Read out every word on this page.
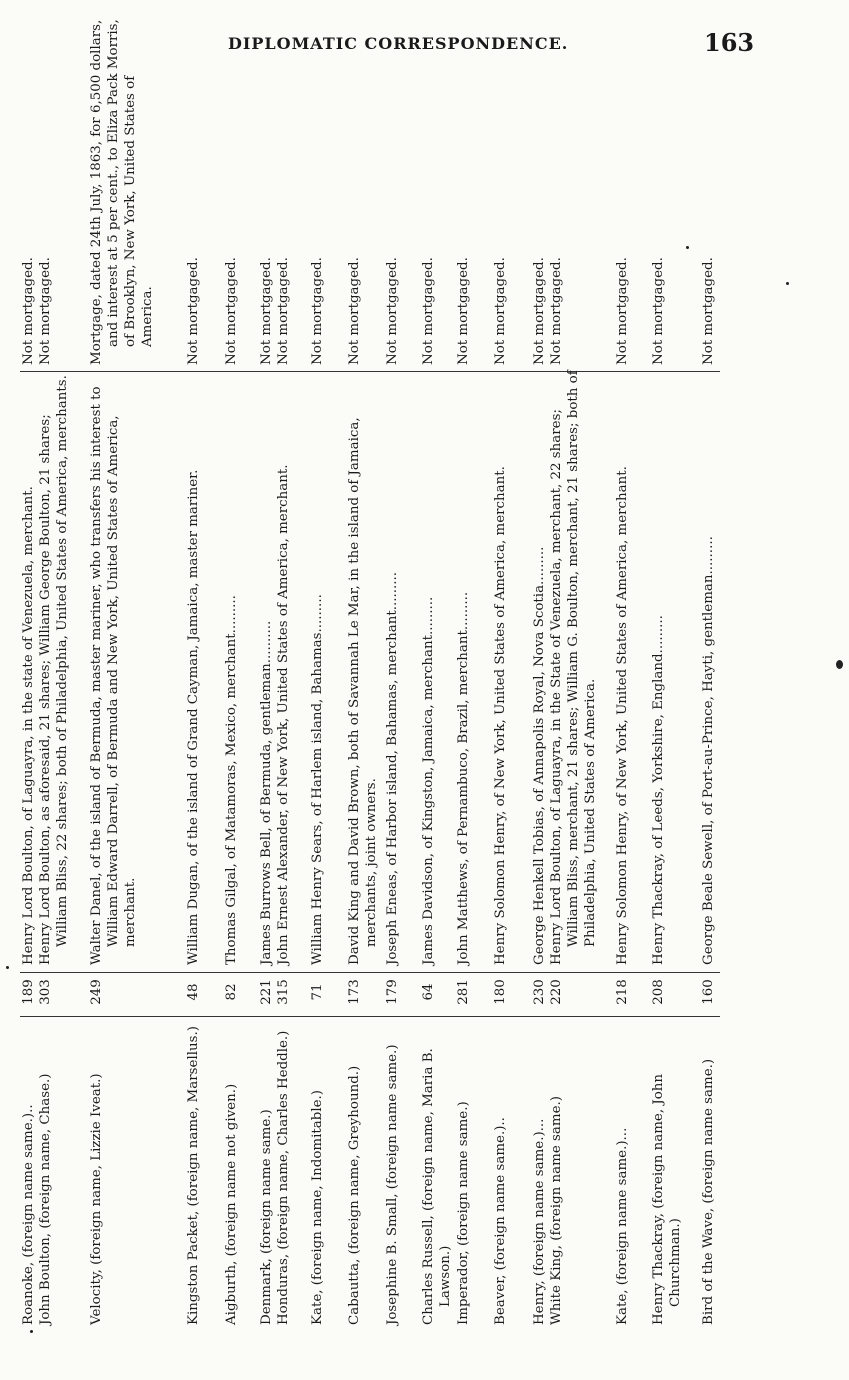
DIPLOMATIC CORRESPONDENCE.	163
Roanoke, (foreign name same.)..
189
Henry Lord Boulton, of Laguayra, in the state of Venezuela, merchant.
Not mortgaged.
John Boulton, (foreign name, Chase.)
303
Henry Lord Boulton, as aforesaid, 21 shares; William George Boulton, 21 shares; William Bliss, 22 shares; both of Philadelphia, United States of America, merchants.
Not mortgaged.
Velocity, (foreign name, Lizzie Iveat.)
249
Walter Danel, of the island of Bermuda, master mariner, who transfers his interest to William Edward Darrell, of Bermuda and New York, United States of America, merchant.
Mortgage, dated 24th July, 1863, for 6,500 dollars, and interest at 5 per cent., to Eliza Pack Morris, of Brooklyn, New York, United States of America.
Kingston Packet, (foreign name, Marsellus.)
48
William Dugan, of the island of Grand Cayman, Jamaica, master mariner.
Not mortgaged.
Aigburth, (foreign name not given.)
82
Thomas Gilgal, of Matamoras, Mexico, merchant.........
Not mortgaged.
Denmark, (foreign name same.)
221
James Burrows Bell, of Bermuda, gentleman..........
Not mortgaged.
Honduras, (foreign name, Charles Heddle.)
315
John Ernest Alexander, of New York, United States of America, merchant.
Not mortgaged.
Kate, (foreign name, Indomitable.)
71
William Henry Sears, of Harlem island, Bahamas.........
Not mortgaged.
Cabautta, (foreign name, Greyhound.)
173
David King and David Brown, both of Savannah Le Mar, in the island of Jamaica, merchants, joint owners.
Not mortgaged.
Josephine B. Small, (foreign name same.)
179
Joseph Eneas, of Harbor island, Bahamas, merchant.........
Not mortgaged.
Charles Russell, (foreign name, Maria B. Lawson.)
64
James Davidson, of Kingston, Jamaica, merchant.........
Not mortgaged.
Imperador, (foreign name same.)
281
John Matthews, of Pernambuco, Brazil, merchant.........
Not mortgaged.
Beaver, (foreign name same.)..
180
Henry Solomon Henry, of New York, United States of America, merchant.
Not mortgaged.
Henry, (foreign name same.)...
230
George Henkell Tobias, of Annapolis Royal, Nova Scotia.........
Not mortgaged.
White King, (foreign name same.)
220
Henry Lord Boulton, of Laguayra, in the State of Venezuela, merchant, 22 shares; William Bliss, merchant, 21 shares; William G. Boulton, merchant, 21 shares; both of Philadelphia, United States of America.
Not mortgaged.
Kate, (foreign name same.)...
218
Henry Solomon Henry, of New York, United States of America, merchant.
Not mortgaged.
Henry Thackray, (foreign name, John Churchman.)
208
Henry Thackray, of Leeds, Yorkshire, England.........
Not mortgaged.
Bird of the Wave, (foreign name same.)
160
George Beale Sewell, of Port-au-Prince, Hayti, gentleman.........
Not mortgaged.
